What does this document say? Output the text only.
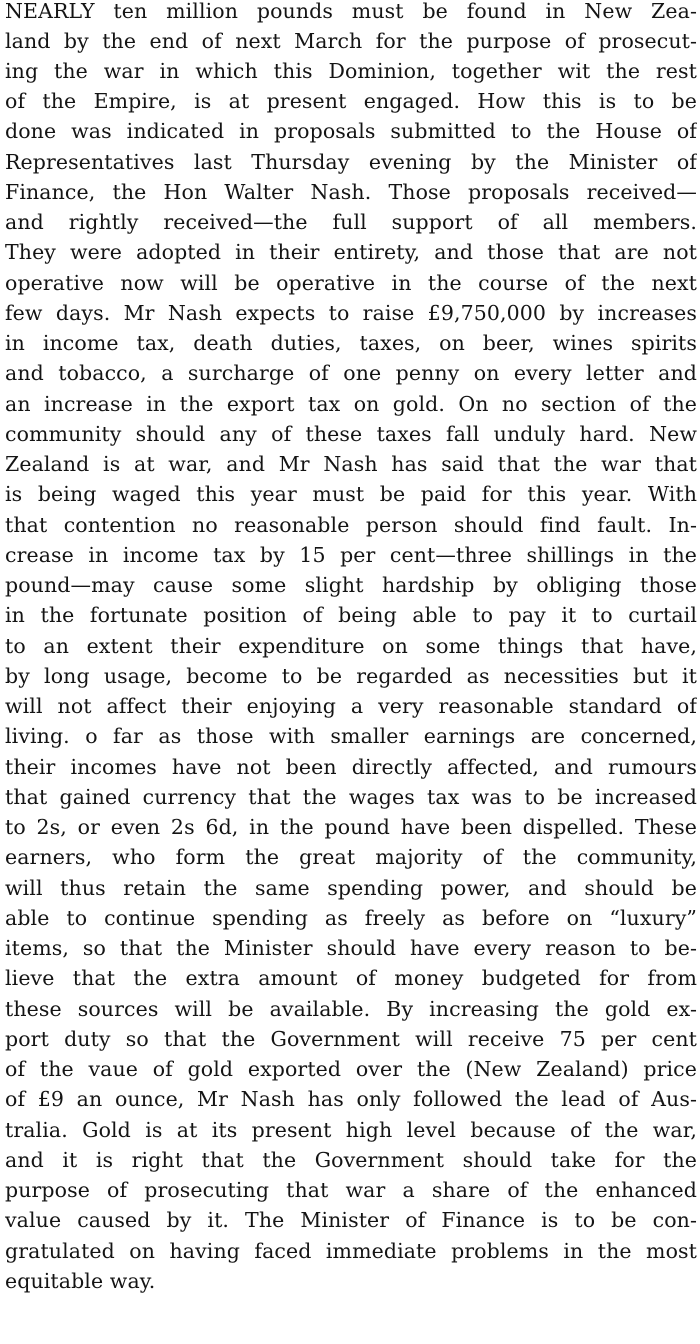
NEARLY ten million pounds must be found in New Zea-
land by the end of next March for the purpose of prosecut-
ing the war in which this Dominion, together wit the rest
of the Empire, is at present engaged. How this is to be
done was indicated in proposals submitted to the House of
Representatives last Thursday evening by the Minister of
Finance, the Hon Walter Nash. Those proposals received—
and rightly received—the full support of all members.
They were adopted in their entirety, and those that are not
operative now will be operative in the course of the next
few days. Mr Nash expects to raise £9,750,000 by increases
in income tax, death duties, taxes, on beer, wines spirits
and tobacco, a surcharge of one penny on every letter and
an increase in the export tax on gold. On no section of the
community should any of these taxes fall unduly hard. New
Zealand is at war, and Mr Nash has said that the war that
is being waged this year must be paid for this year. With
that contention no reasonable person should find fault. In-
crease in income tax by 15 per cent—three shillings in the
pound—may cause some slight hardship by obliging those
in the fortunate position of being able to pay it to curtail
to an extent their expenditure on some things that have,
by long usage, become to be regarded as necessities but it
will not affect their enjoying a very reasonable standard of
living. o far as those with smaller earnings are concerned,
their incomes have not been directly affected, and rumours
that gained currency that the wages tax was to be increased
to 2s, or even 2s 6d, in the pound have been dispelled. These
earners, who form the great majority of the community,
will thus retain the same spending power, and should be
able to continue spending as freely as before on “luxury”
items, so that the Minister should have every reason to be-
lieve that the extra amount of money budgeted for from
these sources will be available. By increasing the gold ex-
port duty so that the Government will receive 75 per cent
of the vaue of gold exported over the (New Zealand) price
of £9 an ounce, Mr Nash has only followed the lead of Aus-
tralia. Gold is at its present high level because of the war,
and it is right that the Government should take for the
purpose of prosecuting that war a share of the enhanced
value caused by it. The Minister of Finance is to be con-
gratulated on having faced immediate problems in the most
equitable way.
